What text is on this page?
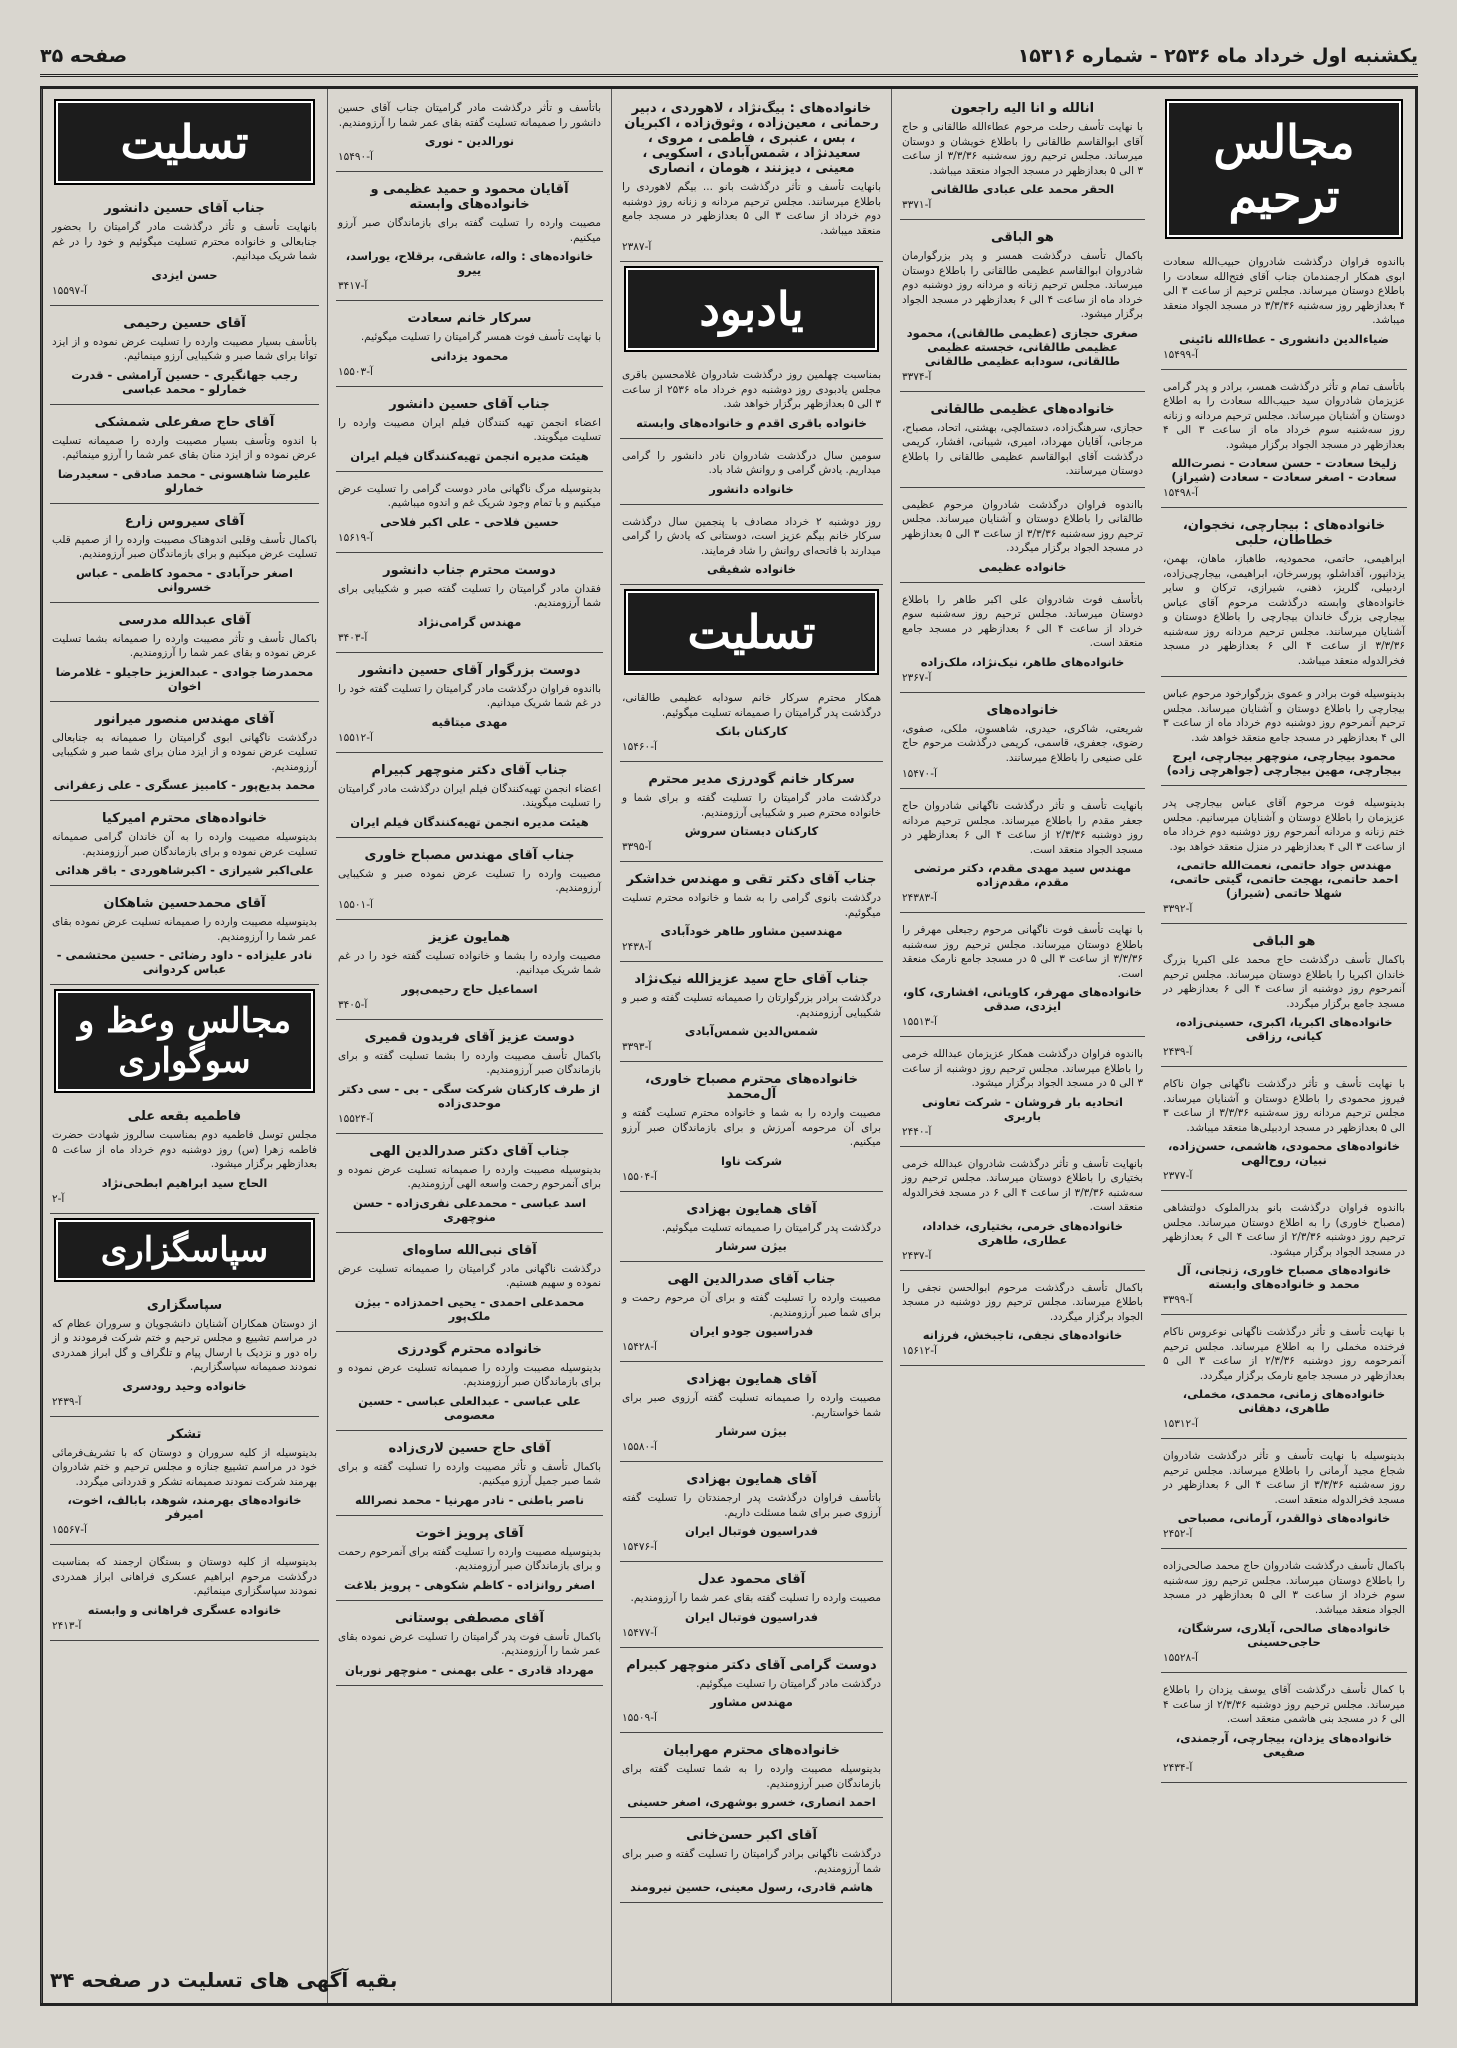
یکشنبه اول خرداد ماه ۲۵۳۶ - شماره ۱۵۳۱۶
صفحه ۳۵
مجالس ترحیم
بااندوه فراوان درگذشت شادروان حبیب‌الله سعادت ابوی همکار ارجمندمان جناب آقای فتح‌الله سعادت را باطلاع دوستان میرساند. مجلس ترحیم از ساعت ۳ الی ۴ بعدازظهر روز سه‌شنبه ۳/۳/۳۶ در مسجد الجواد منعقد میباشد.
ضیاءالدین دانشوری - عطاءالله نائینی
آ-۱۵۴۹۹
باتأسف تمام و تأثر درگذشت همسر، برادر و پدر گرامی عزیزمان شادروان سید حبیب‌الله سعادت را به اطلاع دوستان و آشنایان میرساند. مجلس ترحیم مردانه و زنانه روز سه‌شنبه سوم خرداد ماه از ساعت ۳ الی ۴ بعدازظهر در مسجد الجواد برگزار میشود.
زلیخا سعادت - حسن سعادت - نصرت‌الله سعادت - اصغر سعادت - سعادت (شیراز)
آ-۱۵۴۹۸
خانواده‌های : بیجارچی، نخجوان، خطاطان، حلبی
ابراهیمی، حاتمی، محمودیه، طاهباز، ماهان، بهمن، یزدانپور، آقداشلو، پورسرخان، ابراهیمی، بیجارچی‌زاده، اردبیلی، گلریز، ذهنی، شیرازی، ترکان و سایر خانواده‌های وابسته درگذشت مرحوم آقای عباس بیجارچی بزرگ خاندان بیجارچی را باطلاع دوستان و آشنایان میرسانند. مجلس ترحیم مردانه روز سه‌شنبه ۳/۳/۳۶ از ساعت ۴ الی ۶ بعدازظهر در مسجد فخرالدوله منعقد میباشد.
بدینوسیله فوت برادر و عموی بزرگوارخود مرحوم عباس بیجارچی را باطلاع دوستان و آشنایان میرساند. مجلس ترحیم آنمرحوم روز دوشنبه دوم خرداد ماه از ساعت ۳ الی ۴ بعدازظهر در مسجد جامع منعقد خواهد شد.
محمود بیجارچی، منوچهر بیجارچی، ایرج بیجارچی، مهین بیجارچی (جواهرچی زاده)
بدینوسیله فوت مرحوم آقای عباس بیجارچی پدر عزیزمان را باطلاع دوستان و آشنایان میرسانیم. مجلس ختم زنانه و مردانه آنمرحوم روز دوشنبه دوم خرداد ماه از ساعت ۳ الی ۴ بعدازظهر در منزل منعقد خواهد بود.
مهندس جواد حاتمی، نعمت‌الله حاتمی، احمد حاتمی، بهجت حاتمی، گیتی حاتمی، شهلا حاتمی (شیراز)
آ-۳۳۹۲
هو الباقی
باکمال تأسف درگذشت حاج محمد علی اکبریا بزرگ خاندان اکبریا را باطلاع دوستان میرساند. مجلس ترحیم آنمرحوم روز دوشنبه از ساعت ۴ الی ۶ بعدازظهر در مسجد جامع برگزار میگردد.
خانواده‌های اکبریا، اکبری، حسینی‌زاده، کیانی، رزاقی
آ-۲۴۳۹
با نهایت تأسف و تأثر درگذشت ناگهانی جوان ناکام فیروز محمودی را باطلاع دوستان و آشنایان میرساند. مجلس ترحیم مردانه روز سه‌شنبه ۳/۳/۳۶ از ساعت ۳ الی ۵ بعدازظهر در مسجد اردبیلی‌ها منعقد میباشد.
خانواده‌های محمودی، هاشمی، حسن‌زاده، نبیان، روح‌الهی
آ-۲۳۷۷
بااندوه فراوان درگذشت بانو بدرالملوک دولتشاهی (مصباح خاوری) را به اطلاع دوستان میرساند. مجلس ترحیم روز دوشنبه ۲/۳/۳۶ از ساعت ۴ الی ۶ بعدازظهر در مسجد الجواد برگزار میشود.
خانواده‌های مصباح خاوری، زنجانی، آل محمد و خانواده‌های وابسته
آ-۳۳۹۹
با نهایت تأسف و تأثر درگذشت ناگهانی نوعروس ناکام فرخنده مخملی را به اطلاع میرساند. مجلس ترحیم آنمرحومه روز دوشنبه ۲/۳/۳۶ از ساعت ۳ الی ۵ بعدازظهر در مسجد جامع نارمک برگزار میگردد.
خانواده‌های زمانی، محمدی، مخملی، طاهری، دهقانی
آ-۱۵۳۱۲
بدینوسیله با نهایت تأسف و تأثر درگذشت شادروان شجاع مجید آرمانی را باطلاع میرساند. مجلس ترحیم روز سه‌شنبه ۳/۳/۳۶ از ساعت ۴ الی ۶ بعدازظهر در مسجد فخرالدوله منعقد است.
خانواده‌های ذوالقدر، آرمانی، مصباحی
آ-۲۴۵۲
باکمال تأسف درگذشت شادروان حاج محمد صالحی‌زاده را باطلاع دوستان میرساند. مجلس ترحیم روز سه‌شنبه سوم خرداد از ساعت ۳ الی ۵ بعدازظهر در مسجد الجواد منعقد میباشد.
خانواده‌های صالحی، آیلاری، سرشگان، حاجی‌حسینی
آ-۱۵۵۲۸
با کمال تأسف درگذشت آقای یوسف یزدان را باطلاع میرساند. مجلس ترحیم روز دوشنبه ۲/۳/۳۶ از ساعت ۴ الی ۶ در مسجد بنی هاشمی منعقد است.
خانواده‌های یزدان، بیجارچی، آرجمندی، صفیعی
آ-۲۴۳۴
انالله و انا الیه راجعون
با نهایت تأسف رحلت مرحوم عطاء‌الله طالقانی و حاج آقای ابوالقاسم طالقانی را باطلاع خویشان و دوستان میرساند. مجلس ترحیم روز سه‌شنبه ۳/۳/۳۶ از ساعت ۳ الی ۵ بعدازظهر در مسجد الجواد منعقد میباشد.
الحقر محمد علی عبادی طالقانی
آ-۳۳۷۱
هو الباقی
باکمال تأسف درگذشت همسر و پدر بزرگوارمان شادروان ابوالقاسم عظیمی طالقانی را باطلاع دوستان میرساند. مجلس ترحیم زنانه و مردانه روز دوشنبه دوم خرداد ماه از ساعت ۴ الی ۶ بعدازظهر در مسجد الجواد برگزار میشود.
صغری حجازی (عظیمی طالقانی)، محمود عظیمی طالقانی، خجسته عظیمی طالقانی، سودابه عظیمی طالقانی
آ-۳۳۷۴
خانواده‌های عظیمی طالقانی
حجازی، سرهنگ‌زاده، دستمالچی، بهشتی، اتحاد، مصباح، مرجانی، آقایان مهرداد، امیری، شیبانی، افشار، کریمی درگذشت آقای ابوالقاسم عظیمی طالقانی را باطلاع دوستان میرسانند.
بااندوه فراوان درگذشت شادروان مرحوم عظیمی طالقانی را باطلاع دوستان و آشنایان میرساند. مجلس ترحیم روز سه‌شنبه ۳/۳/۳۶ از ساعت ۳ الی ۵ بعدازظهر در مسجد الجواد برگزار میگردد.
خانواده عظیمی
باتأسف فوت شادروان علی اکبر طاهر را باطلاع دوستان میرساند. مجلس ترحیم روز سه‌شنبه سوم خرداد از ساعت ۴ الی ۶ بعدازظهر در مسجد جامع منعقد است.
خانواده‌های طاهر، نیک‌نژاد، ملک‌زاده
آ-۲۳۶۷
خانواده‌های
شریعتی، شاکری، حیدری، شاهسون، ملکی، صفوی، رضوی، جعفری، قاسمی، کریمی درگذشت مرحوم حاج علی صنیعی را باطلاع میرسانند.
آ-۱۵۴۷۰
بانهایت تأسف و تأثر درگذشت ناگهانی شادروان حاج جعفر مقدم را باطلاع میرساند. مجلس ترحیم مردانه روز دوشنبه ۲/۳/۳۶ از ساعت ۴ الی ۶ بعدازظهر در مسجد الجواد منعقد است.
مهندس سید مهدی مقدم، دکتر مرتضی مقدم، مقدم‌زاده
آ-۲۴۳۸۳
با نهایت تأسف فوت ناگهانی مرحوم رجبعلی مهرفر را باطلاع دوستان میرساند. مجلس ترحیم روز سه‌شنبه ۳/۳/۳۶ از ساعت ۳ الی ۵ در مسجد جامع نارمک منعقد است.
خانواده‌های مهرفر، کاویانی، افشاری، کاو، ایزدی، صدقی
آ-۱۵۵۱۳
بااندوه فراوان درگذشت همکار عزیزمان عبدالله خرمی را باطلاع میرساند. مجلس ترحیم روز دوشنبه از ساعت ۳ الی ۵ در مسجد الجواد برگزار میشود.
اتحادیه بار فروشان - شرکت تعاونی باربری
آ-۲۴۴۰
بانهایت تأسف و تأثر درگذشت شادروان عبدالله خرمی بختیاری را باطلاع دوستان میرساند. مجلس ترحیم روز سه‌شنبه ۳/۳/۳۶ از ساعت ۴ الی ۶ در مسجد فخرالدوله منعقد است.
خانواده‌های خرمی، بختیاری، خداداد، عطاری، طاهری
آ-۲۴۳۷
باکمال تأسف درگذشت مرحوم ابوالحسن نجفی را باطلاع میرساند. مجلس ترحیم روز دوشنبه در مسجد الجواد برگزار میگردد.
خانواده‌های نجفی، تاجبخش، فرزانه
آ-۱۵۶۱۲
خانواده‌های : بیگ‌نژاد ، لاهوردی ، دبیر رحمانی ، معین‌زاده ، وثوق‌زاده ، اکبریان ، بس ، عنبری ، فاطمی ، مروی ، سعیدنژاد ، شمس‌آبادی ، اسکویی ، معینی ، دیزنند ، هومان ، انصاری
بانهایت تأسف و تأثر درگذشت بانو ... بیگم لاهوردی را باطلاع میرسانند. مجلس ترحیم مردانه و زنانه روز دوشنبه دوم خرداد از ساعت ۳ الی ۵ بعدازظهر در مسجد جامع منعقد میباشد.
آ-۲۳۸۷
یادبود
بمناسبت چهلمین روز درگذشت شادروان غلامحسین باقری مجلس یادبودی روز دوشنبه دوم خرداد ماه ۲۵۳۶ از ساعت ۳ الی ۵ بعدازظهر برگزار خواهد شد.
خانواده باقری اقدم و خانواده‌های وابسته
سومین سال درگذشت شادروان نادر دانشور را گرامی میداریم. یادش گرامی و روانش شاد باد.
خانواده دانشور
روز دوشنبه ۲ خرداد مصادف با پنجمین سال درگذشت سرکار خانم بیگم عزیز است، دوستانی که یادش را گرامی میدارند با فاتحه‌ای روانش را شاد فرمایند.
خانواده شفیقی
تسلیت
همکار محترم سرکار خانم سودابه عظیمی طالقانی، درگذشت پدر گرامیتان را صمیمانه تسلیت میگوئیم.
کارکنان بانک
آ-۱۵۴۶۰
سرکار خانم گودرزی مدیر محترم
درگذشت مادر گرامیتان را تسلیت گفته و برای شما و خانواده محترم صبر و شکیبایی آرزومندیم.
کارکنان دبستان سروش
آ-۳۳۹۵
جناب آقای دکتر تقی و مهندس خداشکر
درگذشت بانوی گرامی را به شما و خانواده محترم تسلیت میگوئیم.
مهندسین مشاور طاهر خودآبادی
آ-۲۴۳۸
جناب آقای حاج سید عزیزالله نیک‌نژاد
درگذشت برادر بزرگوارتان را صمیمانه تسلیت گفته و صبر و شکیبایی آرزومندیم.
شمس‌الدین شمس‌آبادی
آ-۳۳۹۳
خانواده‌های محترم مصباح خاوری، آل‌محمد
مصیبت وارده را به شما و خانواده محترم تسلیت گفته و برای آن مرحومه آمرزش و برای بازماندگان صبر آرزو میکنیم.
شرکت ناوا
آ-۱۵۵۰۴
آقای همایون بهزادی
درگذشت پدر گرامیتان را صمیمانه تسلیت میگوئیم.
بیژن سرشار
جناب آقای صدرالدین الهی
مصیبت وارده را تسلیت گفته و برای آن مرحوم رحمت و برای شما صبر آرزومندیم.
فدراسیون جودو ایران
آ-۱۵۴۲۸
آقای همایون بهزادی
مصیبت وارده را صمیمانه تسلیت گفته آرزوی صبر برای شما خواستاریم.
بیژن سرشار
آ-۱۵۵۸۰
آقای همایون بهزادی
باتأسف فراوان درگذشت پدر ارجمندتان را تسلیت گفته آرزوی صبر برای شما مسئلت داریم.
فدراسیون فوتبال ایران
آ-۱۵۴۷۶
آقای محمود عدل
مصیبت وارده را تسلیت گفته بقای عمر شما را آرزومندیم.
فدراسیون فوتبال ایران
آ-۱۵۴۷۷
دوست گرامی آقای دکتر منوچهر کبیرام
درگذشت مادر گرامیتان را تسلیت میگوئیم.
مهندس مشاور
آ-۱۵۵۰۹
خانواده‌های محترم مهرابیان
بدینوسیله مصیبت وارده را به شما تسلیت گفته برای بازماندگان صبر آرزومندیم.
احمد انصاری، خسرو بوشهری، اصغر حسینی
آقای اکبر حسن‌خانی
درگذشت ناگهانی برادر گرامیتان را تسلیت گفته و صبر برای شما آرزومندیم.
هاشم قادری، رسول معینی، حسین نیرومند
باتأسف و تأثر درگذشت مادر گرامیتان جناب آقای حسین دانشور را صمیمانه تسلیت گفته بقای عمر شما را آرزومندیم.
نورالدین - نوری
آ-۱۵۴۹۰
آقایان محمود و حمید عظیمی و خانواده‌های وابسته
مصیبت وارده را تسلیت گفته برای بازماندگان صبر آرزو میکنیم.
خانواده‌های : واله، عاشقی، برقلاح، یوراسد، ییرو
آ-۳۴۱۷
سرکار خانم سعادت
با نهایت تأسف فوت همسر گرامیتان را تسلیت میگوئیم.
محمود یزدانی
آ-۱۵۵۰۳
جناب آقای حسین دانشور
اعضاء انجمن تهیه کنندگان فیلم ایران مصیبت وارده را تسلیت میگویند.
هیئت مدیره انجمن تهیه‌کنندگان فیلم ایران
بدینوسیله مرگ ناگهانی مادر دوست گرامی را تسلیت عرض میکنیم و با تمام وجود شریک غم و اندوه میباشیم.
حسین فلاحی - علی اکبر فلاحی
آ-۱۵۶۱۹
دوست محترم جناب دانشور
فقدان مادر گرامیتان را تسلیت گفته صبر و شکیبایی برای شما آرزومندیم.
مهندس گرامی‌نژاد
آ-۳۴۰۳
دوست بزرگوار آقای حسین دانشور
بااندوه فراوان درگذشت مادر گرامیتان را تسلیت گفته خود را در غم شما شریک میدانیم.
مهدی میتاقیه
آ-۱۵۵۱۲
جناب آقای دکتر منوچهر کبیرام
اعضاء انجمن تهیه‌کنندگان فیلم ایران درگذشت مادر گرامیتان را تسلیت میگویند.
هیئت مدیره انجمن تهیه‌کنندگان فیلم ایران
جناب آقای مهندس مصباح خاوری
مصیبت وارده را تسلیت عرض نموده صبر و شکیبایی آرزومندیم.
آ-۱۵۵۰۱
همایون عزیز
مصیبت وارده را بشما و خانواده تسلیت گفته خود را در غم شما شریک میدانیم.
اسماعیل حاج رحیمی‌پور
آ-۳۴۰۵
دوست عزیز آقای فریدون قمیری
باکمال تأسف مصیبت وارده را بشما تسلیت گفته و برای بازماندگان صبر آرزومندیم.
از طرف کارکنان شرکت سگی - بی - سی دکتر موحدی‌زاده
آ-۱۵۵۲۴
جناب آقای دکتر صدرالدین الهی
بدینوسیله مصیبت وارده را صمیمانه تسلیت عرض نموده و برای آنمرحوم رحمت واسعه الهی آرزومندیم.
اسد عباسی - محمدعلی نفری‌زاده - حسن منوچهری
آقای نبی‌الله ساوه‌ای
درگذشت ناگهانی مادر گرامیتان را صمیمانه تسلیت عرض نموده و سهیم هستیم.
محمدعلی احمدی - یحیی احمدزاده - بیژن ملک‌پور
خانواده محترم گودرزی
بدینوسیله مصیبت وارده را صمیمانه تسلیت عرض نموده و برای بازماندگان صبر آرزومندیم.
علی عباسی - عبدالعلی عباسی - حسین معصومی
آقای حاج حسین لاری‌زاده
باکمال تأسف و تأثر مصیبت وارده را تسلیت گفته و برای شما صبر جمیل آرزو میکنیم.
ناصر باطنی - نادر مهرنیا - محمد نصرالله
آقای پرویز اخوت
بدینوسیله مصیبت وارده را تسلیت گفته برای آنمرحوم رحمت و برای بازماندگان صبر آرزومندیم.
اصغر روانزاده - کاظم شکوهی - پرویز بلاغت
آقای مصطفی بوستانی
باکمال تأسف فوت پدر گرامیتان را تسلیت عرض نموده بقای عمر شما را آرزومندیم.
مهرداد قادری - علی بهمنی - منوچهر نوربان
تسلیت
جناب آقای حسین دانشور
بانهایت تأسف و تأثر درگذشت مادر گرامیتان را بحضور جنابعالی و خانواده محترم تسلیت میگوئیم و خود را در غم شما شریک میدانیم.
حسن ایزدی
آ-۱۵۵۹۷
آقای حسین رحیمی
باتأسف بسیار مصیبت وارده را تسلیت عرض نموده و از ایزد توانا برای شما صبر و شکیبایی آرزو مینمائیم.
رجب جهانگیری - حسین آرامشی - قدرت خمارلو - محمد عباسی
آقای حاج صفرعلی شمشکی
با اندوه وتأسف بسیار مصیبت وارده را صمیمانه تسلیت عرض نموده و از ایزد منان بقای عمر شما را آرزو مینمائیم.
علیرضا شاهسونی - محمد صادقی - سعیدرضا خمارلو
آقای سیروس زارع
باکمال تأسف وقلبی اندوهناک مصیبت وارده را از صمیم قلب تسلیت عرض میکنیم و برای بازماندگان صبر آرزومندیم.
اصغر حرآبادی - محمود کاظمی - عباس خسروانی
آقای عبدالله مدرسی
باکمال تأسف و تأثر مصیبت وارده را صمیمانه بشما تسلیت عرض نموده و بقای عمر شما را آرزومندیم.
محمدرضا جوادی - عبدالعزیز حاجیلو - غلامرضا اخوان
آقای مهندس منصور میرانور
درگذشت ناگهانی ابوی گرامیتان را صمیمانه به جنابعالی تسلیت عرض نموده و از ایزد منان برای شما صبر و شکیبایی آرزومندیم.
محمد بدیع‌پور - کامبیز عسگری - علی زعفرانی
خانواده‌های محترم امیرکیا
بدینوسیله مصیبت وارده را به آن خاندان گرامی صمیمانه تسلیت عرض نموده و برای بازماندگان صبر آرزومندیم.
علی‌اکبر شیرازی - اکبرشاهوردی - باقر هدائی
آقای محمدحسین شاهکان
بدینوسیله مصیبت وارده را صمیمانه تسلیت عرض نموده بقای عمر شما را آرزومندیم.
نادر علیزاده - داود رضائی - حسین محتشمی - عباس کردوانی
مجالس وعظ و سوگواری
فاطمیه بقعه علی
مجلس توسل فاطمیه دوم بمناسبت سالروز شهادت حضرت فاطمه زهرا (س) روز دوشنبه دوم خرداد ماه از ساعت ۵ بعدازظهر برگزار میشود.
الحاج سید ابراهیم ابطحی‌نژاد
آ-۲
سپاسگزاری
سپاسگزاری
از دوستان همکاران آشنایان دانشجویان و سروران عظام که در مراسم تشییع و مجلس ترحیم و ختم شرکت فرمودند و از راه دور و نزدیک با ارسال پیام و تلگراف و گل ابراز همدردی نمودند صمیمانه سپاسگزاریم.
خانواده وحید رودسری
آ-۲۴۳۹
تشکر
بدینوسیله از کلیه سروران و دوستان که با تشریف‌فرمائی خود در مراسم تشییع جنازه و مجلس ترحیم و ختم شادروان بهرمند شرکت نمودند صمیمانه تشکر و قدردانی میگردد.
خانواده‌های بهرمند، شوهد، بابالف، اخوت، امیرفر
آ-۱۵۵۶۷
بدینوسیله از کلیه دوستان و بستگان ارجمند که بمناسبت درگذشت مرحوم ابراهیم عسکری فراهانی ابراز همدردی نمودند سپاسگزاری مینمائیم.
خانواده عسگری فراهانی و وابسته
آ-۲۴۱۳
بقیه آگهی های تسلیت در صفحه ۳۴
